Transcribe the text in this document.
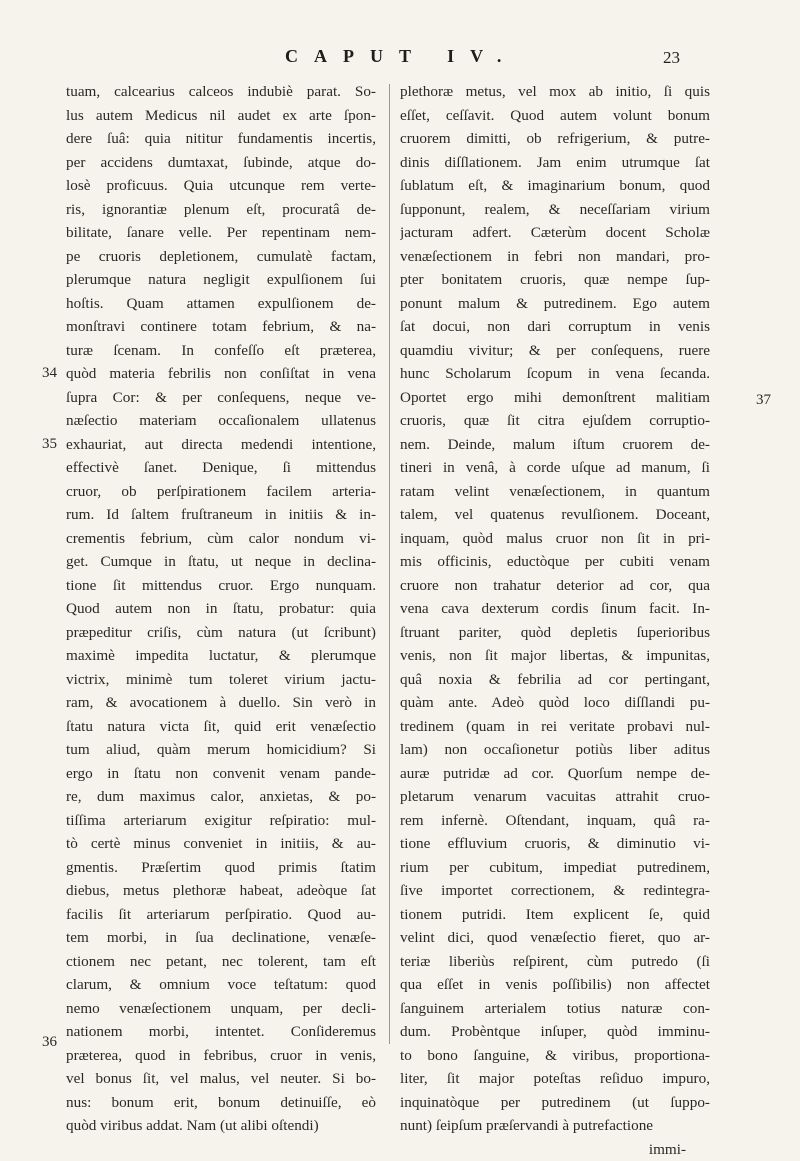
CAPUT IV.	23
34
35
36
37
tuam, calcearius calceos indubiè parat. So-
lus autem Medicus nil audet ex arte ſpon-
dere ſuâ: quia nititur fundamentis incertis,
per accidens dumtaxat, ſubinde, atque do-
losè proficuus. Quia utcunque rem verte-
ris, ignorantiæ plenum eſt, procuratâ de-
bilitate, ſanare velle. Per repentinam nem-
pe cruoris depletionem, cumulatè factam,
plerumque natura negligit expulſionem ſui
hoſtis. Quam attamen expulſionem de-
monſtravi continere totam febrium, & na-
turæ ſcenam. In confeſſo eſt præterea,
quòd materia febrilis non conſiſtat in vena
ſupra Cor: & per conſequens, neque ve-
næſectio materiam occaſionalem ullatenus
exhauriat, aut directa medendi intentione,
effectivè ſanet. Denique, ſi mittendus
cruor, ob perſpirationem facilem arteria-
rum. Id ſaltem fruſtraneum in initiis & in-
crementis febrium, cùm calor nondum vi-
get. Cumque in ſtatu, ut neque in declina-
tione ſit mittendus cruor. Ergo nunquam.
Quod autem non in ſtatu, probatur: quia
præpeditur criſis, cùm natura (ut ſcribunt)
maximè impedita luctatur, & plerumque
victrix, minimè tum toleret virium jactu-
ram, & avocationem à duello. Sin verò in
ſtatu natura victa ſit, quid erit venæſectio
tum aliud, quàm merum homicidium? Si
ergo in ſtatu non convenit venam pande-
re, dum maximus calor, anxietas, & po-
tiſſima arteriarum exigitur reſpiratio: mul-
tò certè minus conveniet in initiis, & au-
gmentis. Præſertim quod primis ſtatim
diebus, metus plethoræ habeat, adeòque ſat
facilis ſit arteriarum perſpiratio. Quod au-
tem morbi, in ſua declinatione, venæſe-
ctionem nec petant, nec tolerent, tam eſt
clarum, & omnium voce teſtatum: quod
nemo venæſectionem unquam, per decli-
nationem morbi, intentet. Conſideremus
præterea, quod in febribus, cruor in venis,
vel bonus ſit, vel malus, vel neuter. Si bo-
nus: bonum erit, bonum detinuiſſe, eò
quòd viribus addat. Nam (ut alibi oſtendi)
plethoræ metus, vel mox ab initio, ſi quis
eſſet, ceſſavit. Quod autem volunt bonum
cruorem dimitti, ob refrigerium, & putre-
dinis diſſlationem. Jam enim utrumque ſat
ſublatum eſt, & imaginarium bonum, quod
ſupponunt, realem, & neceſſariam virium
jacturam adfert. Cæterùm docent Scholæ
venæſectionem in febri non mandari, pro-
pter bonitatem cruoris, quæ nempe ſup-
ponunt malum & putredinem. Ego autem
ſat docui, non dari corruptum in venis
quamdiu vivitur; & per conſequens, ruere
hunc Scholarum ſcopum in vena ſecanda.
Oportet ergo mihi demonſtrent malitiam
cruoris, quæ ſit citra ejuſdem corruptio-
nem. Deinde, malum iſtum cruorem de-
tineri in venâ, à corde uſque ad manum, ſi
ratam velint venæſectionem, in quantum
talem, vel quatenus revulſionem. Doceant,
inquam, quòd malus cruor non ſit in pri-
mis officinis, eductòque per cubiti venam
cruore non trahatur deterior ad cor, qua
vena cava dexterum cordis ſinum facit. In-
ſtruant pariter, quòd depletis ſuperioribus
venis, non ſit major libertas, & impunitas,
quâ noxia & febrilia ad cor pertingant,
quàm ante. Adeò quòd loco diſſlandi pu-
tredinem (quam in rei veritate probavi nul-
lam) non occaſionetur potiùs liber aditus
auræ putridæ ad cor. Quorſum nempe de-
pletarum venarum vacuitas attrahit cruo-
rem infernè. Oſtendant, inquam, quâ ra-
tione effluvium cruoris, & diminutio vi-
rium per cubitum, impediat putredinem,
ſive importet correctionem, & redintegra-
tionem putridi. Item explicent ſe, quid
velint dici, quod venæſectio fieret, quo ar-
teriæ liberiùs reſpirent, cùm putredo (ſi
qua eſſet in venis poſſibilis) non affectet
ſanguinem arterialem totius naturæ con-
dum. Probèntque inſuper, quòd imminu-
to bono ſanguine, & viribus, proportiona-
liter, ſit major poteſtas reſiduo impuro,
inquinatòque per putredinem (ut ſuppo-
nunt) ſeipſum præſervandi à putrefactione
immi-
